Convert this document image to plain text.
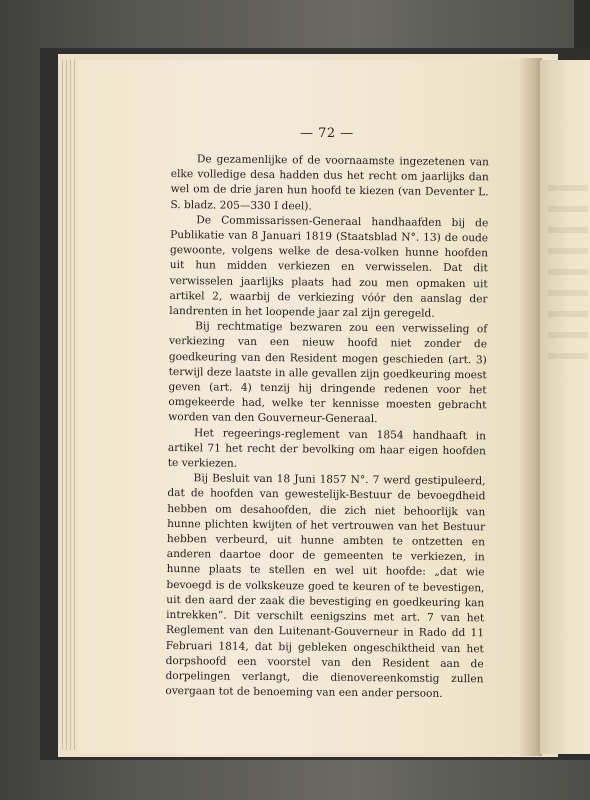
— 72 —

De gezamenlijke of de voornaamste ingezetenen van elke volledige desa hadden dus het recht om jaarlijks dan wel om de drie jaren hun hoofd te kiezen (van Deventer L. S. bladz. 205—330 I deel).

De Commissarissen-Generaal handhaafden bij de Publikatie van 8 Januari 1819 (Staatsblad N°. 13) de oude gewoonte, volgens welke de desa-volken hunne hoofden uit hun midden verkiezen en verwisselen. Dat dit verwisselen jaarlijks plaats had zou men opmaken uit artikel 2, waarbij de verkiezing vóór den aanslag der landrenten in het loopende jaar zal zijn geregeld.

Bij rechtmatige bezwaren zou een verwisseling of verkiezing van een nieuw hoofd niet zonder de goedkeuring van den Resident mogen geschieden (art. 3) terwijl deze laatste in alle gevallen zijn goedkeuring moest geven (art. 4) tenzij hij dringende redenen voor het omgekeerde had, welke ter kennisse moesten gebracht worden van den Gouverneur-Generaal.

Het regeerings-reglement van 1854 handhaaft in artikel 71 het recht der bevolking om haar eigen hoofden te verkiezen.

Bij Besluit van 18 Juni 1857 N°. 7 werd gestipuleerd, dat de hoofden van gewestelijk-Bestuur de bevoegdheid hebben om desahoofden, die zich niet behoorlijk van hunne plichten kwijten of het vertrouwen van het Bestuur hebben verbeurd, uit hunne ambten te ontzetten en anderen daartoe door de gemeenten te verkiezen, in hunne plaats te stellen en wel uit hoofde: „dat wie bevoegd is de volkskeuze goed te keuren of te bevestigen, uit den aard der zaak die bevestiging en goedkeuring kan intrekken”. Dit verschilt eenigszins met art. 7 van het Reglement van den Luitenant-Gouverneur in Rado dd 11 Februari 1814, dat bij gebleken ongeschiktheid van het dorpshoofd een voorstel van den Resident aan de dorpelingen verlangt, die dienovereenkomstig zullen overgaan tot de benoeming van een ander persoon.
